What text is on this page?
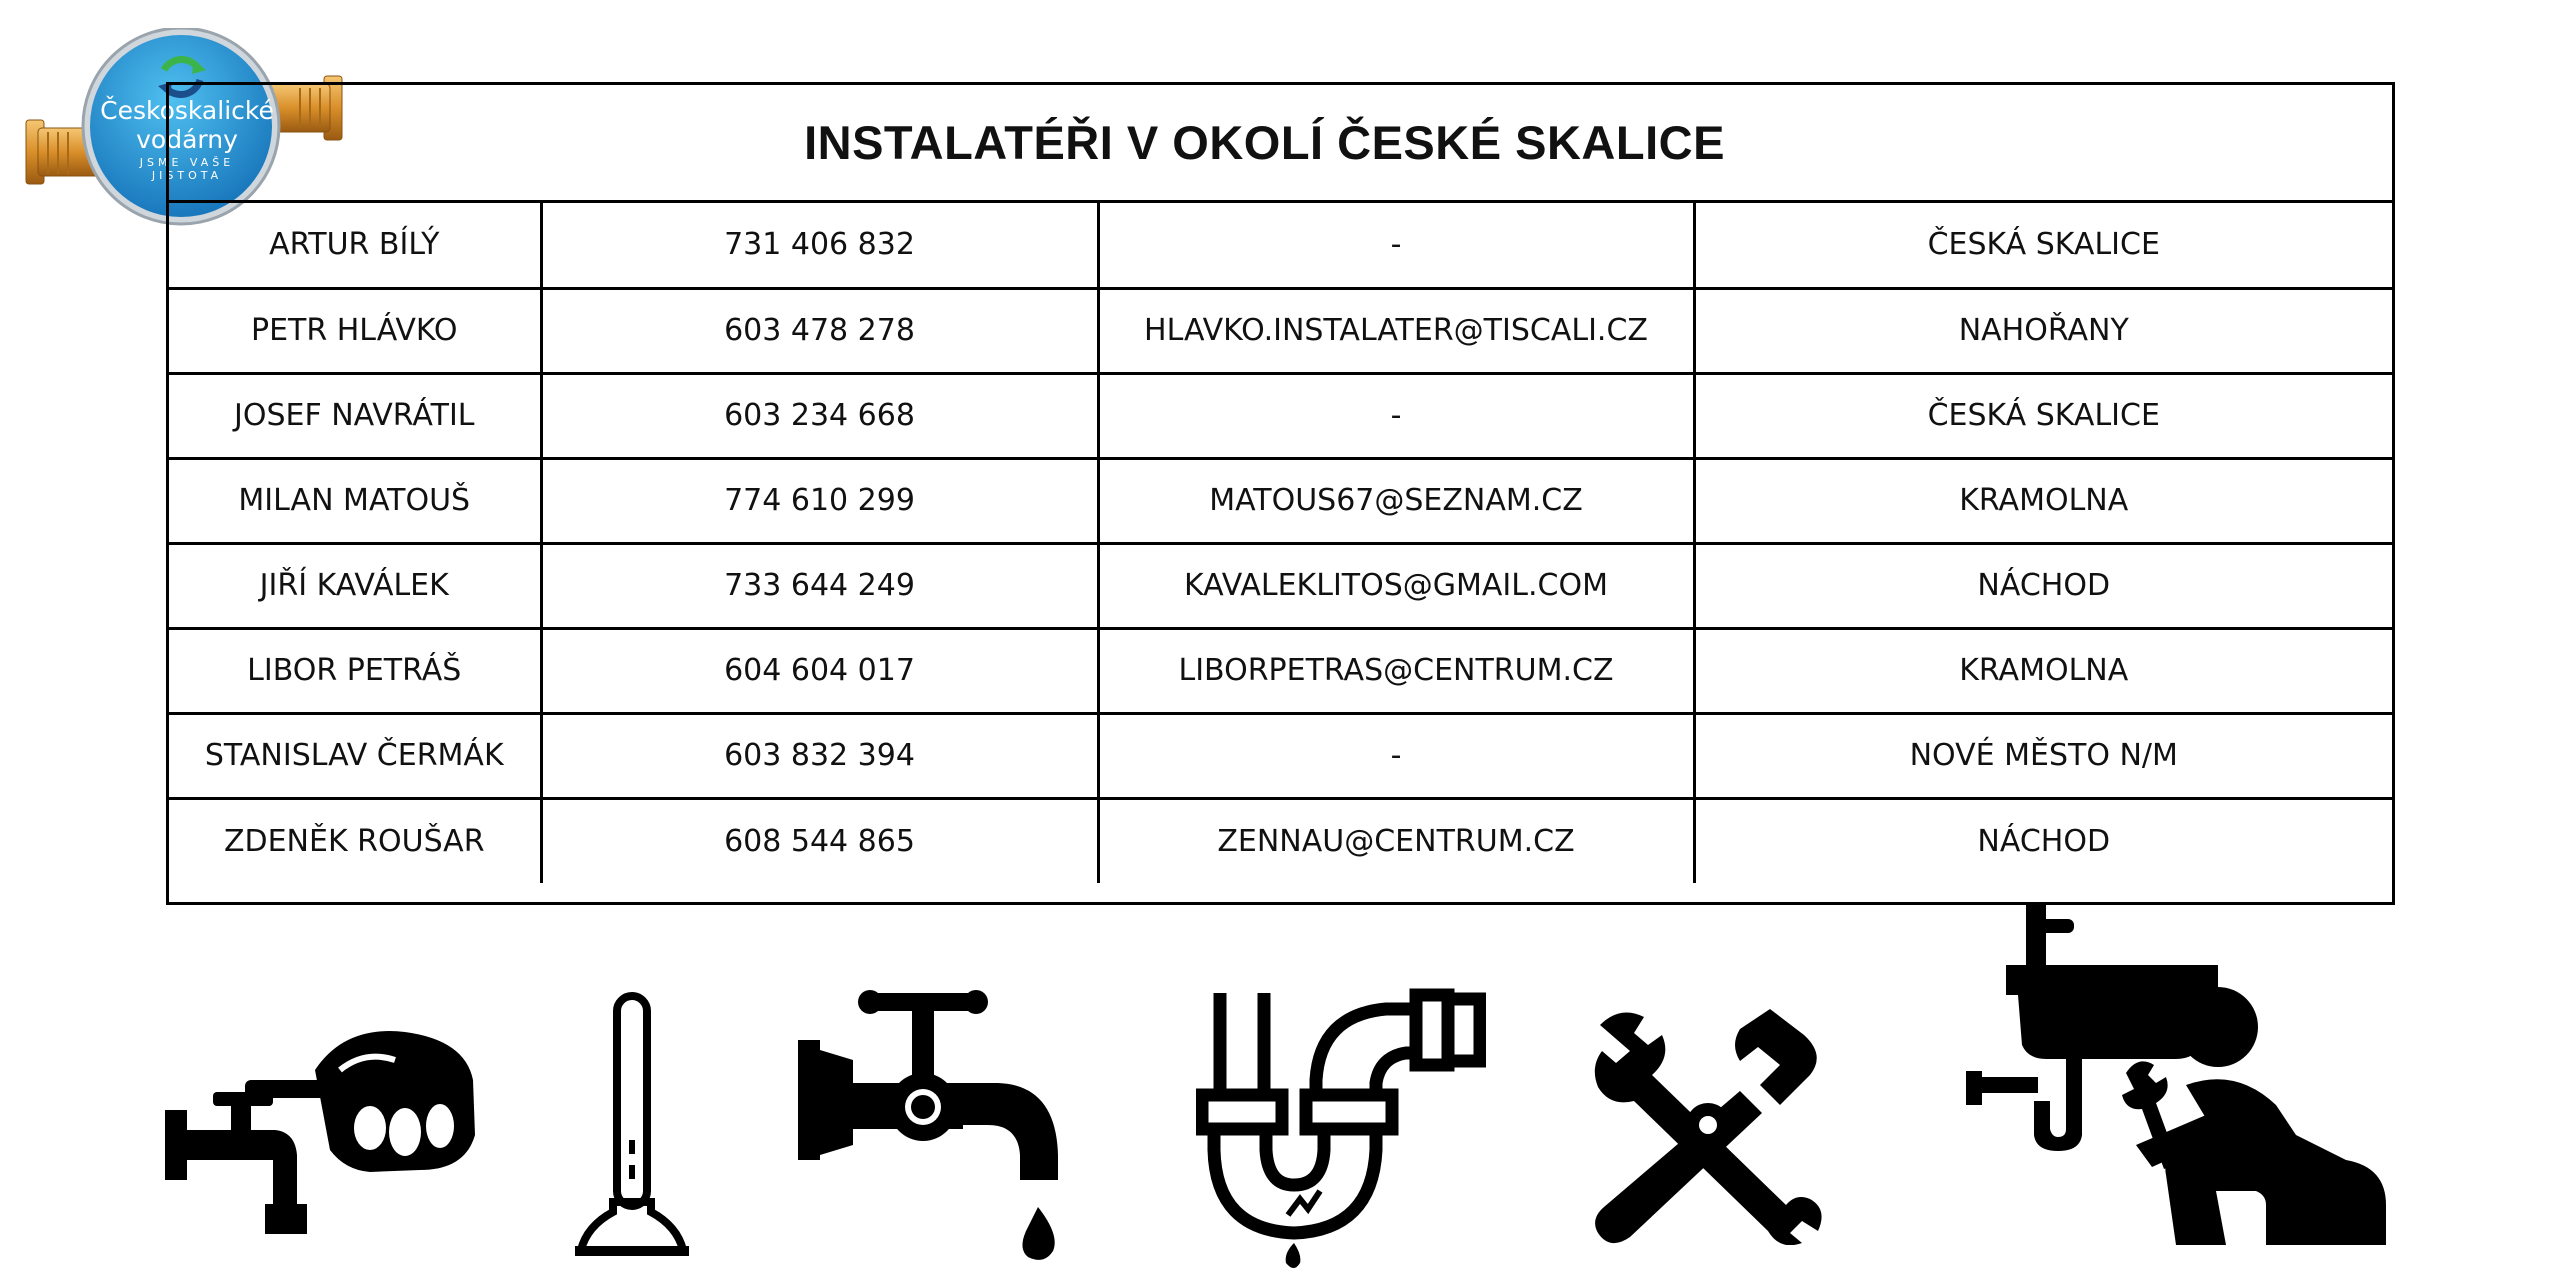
Českoskalické
vodárny
JSME VAŠE
JISTOTA
INSTALATÉŘI V OKOLÍ ČESKÉ SKALICE
ARTUR BÍLÝ	731 406 832	-	ČESKÁ SKALICE
PETR HLÁVKO	603 478 278	HLAVKO.INSTALATER@TISCALI.CZ	NAHOŘANY
JOSEF NAVRÁTIL	603 234 668	-	ČESKÁ SKALICE
MILAN MATOUŠ	774 610 299	MATOUS67@SEZNAM.CZ	KRAMOLNA
JIŘÍ KAVÁLEK	733 644 249	KAVALEKLITOS@GMAIL.COM	NÁCHOD
LIBOR PETRÁŠ	604 604 017	LIBORPETRAS@CENTRUM.CZ	KRAMOLNA
STANISLAV ČERMÁK	603 832 394	-	NOVÉ MĚSTO N/M
ZDENĚK ROUŠAR	608 544 865	ZENNAU@CENTRUM.CZ	NÁCHOD
